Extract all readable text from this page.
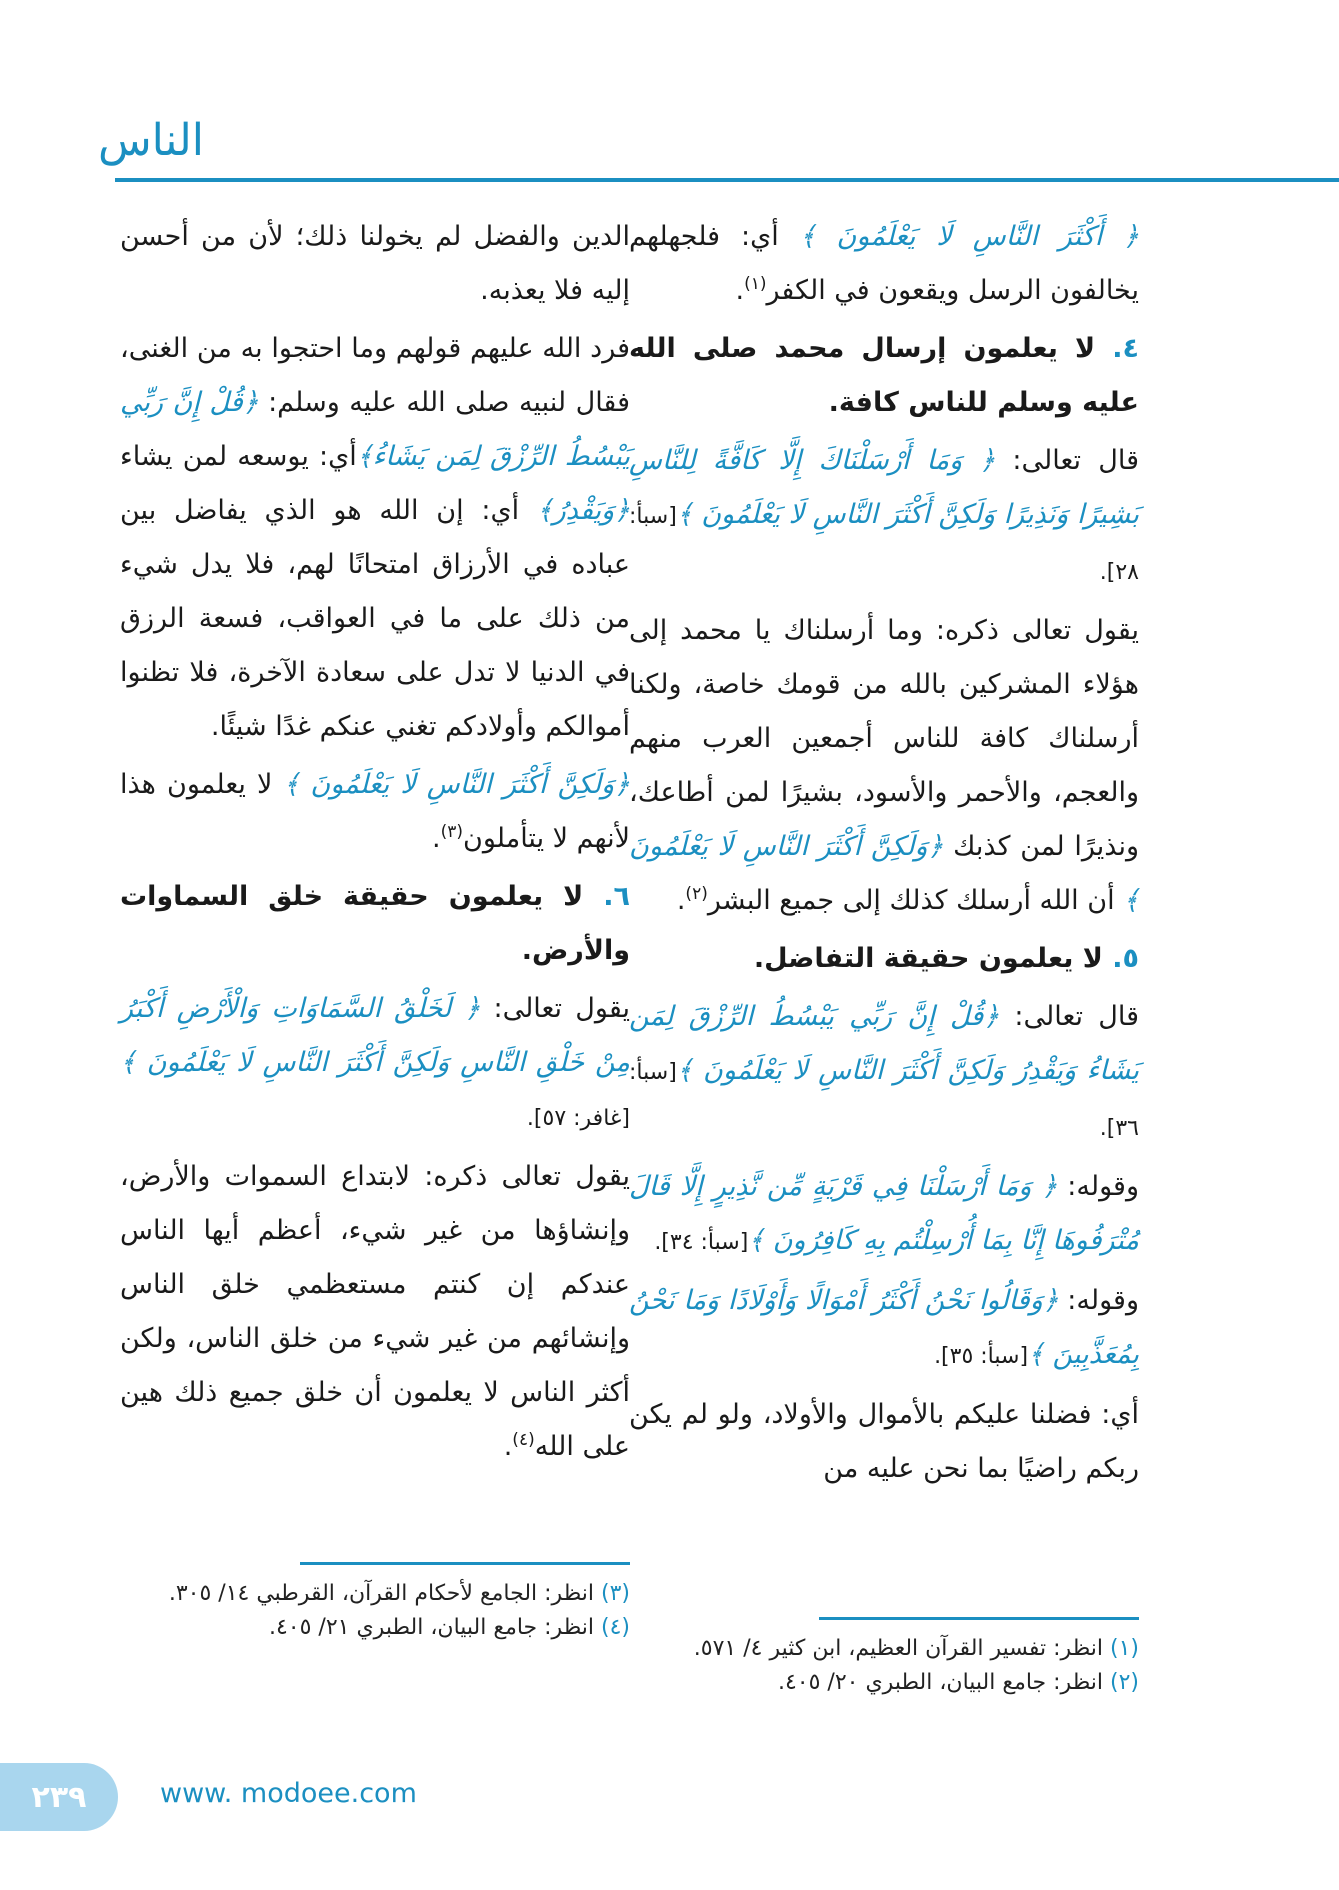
الناس

﴿ أَكْثَرَ النَّاسِ لَا يَعْلَمُونَ ﴾ أي: فلجهلهم يخالفون الرسل ويقعون في الكفر$^{(١)}$.

٤. لا يعلمون إرسال محمد صلى الله عليه وسلم للناس كافة.

قال تعالى: ﴿ وَمَا أَرْسَلْنَاكَ إِلَّا كَافَّةً لِلنَّاسِ بَشِيرًا وَنَذِيرًا وَلَكِنَّ أَكْثَرَ النَّاسِ لَا يَعْلَمُونَ ﴾[سبأ: ٢٨].

يقول تعالى ذكره: وما أرسلناك يا محمد إلى هؤلاء المشركين بالله من قومك خاصة، ولكنا أرسلناك كافة للناس أجمعين العرب منهم والعجم، والأحمر والأسود، بشيرًا لمن أطاعك، ونذيرًا لمن كذبك ﴿وَلَكِنَّ أَكْثَرَ النَّاسِ لَا يَعْلَمُونَ ﴾ أن الله أرسلك كذلك إلى جميع البشر$^{(٢)}$.

٥. لا يعلمون حقيقة التفاضل.

قال تعالى: ﴿قُلْ إِنَّ رَبِّي يَبْسُطُ الرِّزْقَ لِمَن يَشَاءُ وَيَقْدِرُ وَلَكِنَّ أَكْثَرَ النَّاسِ لَا يَعْلَمُونَ ﴾[سبأ: ٣٦].

وقوله: ﴿ وَمَا أَرْسَلْنَا فِي قَرْيَةٍ مِّن نَّذِيرٍ إِلَّا قَالَ مُتْرَفُوهَا إِنَّا بِمَا أُرْسِلْتُم بِهِ كَافِرُونَ ﴾[سبأ: ٣٤].

وقوله: ﴿وَقَالُوا نَحْنُ أَكْثَرُ أَمْوَالًا وَأَوْلَادًا وَمَا نَحْنُ بِمُعَذَّبِينَ ﴾[سبأ: ٣٥].

أي: فضلنا عليكم بالأموال والأولاد، ولو لم يكن ربكم راضيًا بما نحن عليه من

الدين والفضل لم يخولنا ذلك؛ لأن من أحسن إليه فلا يعذبه.

فرد الله عليهم قولهم وما احتجوا به من الغنى، فقال لنبيه صلى الله عليه وسلم: ﴿قُلْ إِنَّ رَبِّي يَبْسُطُ الرِّزْقَ لِمَن يَشَاءُ﴾أي: يوسعه لمن يشاء ﴿وَيَقْدِرُ﴾ أي: إن الله هو الذي يفاضل بين عباده في الأرزاق امتحانًا لهم، فلا يدل شيء من ذلك على ما في العواقب، فسعة الرزق في الدنيا لا تدل على سعادة الآخرة، فلا تظنوا أموالكم وأولادكم تغني عنكم غدًا شيئًا.

﴿وَلَكِنَّ أَكْثَرَ النَّاسِ لَا يَعْلَمُونَ ﴾ لا يعلمون هذا لأنهم لا يتأملون$^{(٣)}$.

٦. لا يعلمون حقيقة خلق السماوات والأرض.

يقول تعالى: ﴿ لَخَلْقُ السَّمَاوَاتِ وَالْأَرْضِ أَكْبَرُ مِنْ خَلْقِ النَّاسِ وَلَكِنَّ أَكْثَرَ النَّاسِ لَا يَعْلَمُونَ ﴾[غافر: ٥٧].

يقول تعالى ذكره: لابتداع السموات والأرض، وإنشاؤها من غير شيء، أعظم أيها الناس عندكم إن كنتم مستعظمي خلق الناس وإنشائهم من غير شيء من خلق الناس، ولكن أكثر الناس لا يعلمون أن خلق جميع ذلك هين على الله$^{(٤)}$.

(١) انظر: تفسير القرآن العظيم، ابن كثير ٤/ ٥٧١.
(٢) انظر: جامع البيان، الطبري ٢٠/ ٤٠٥.
(٣) انظر: الجامع لأحكام القرآن، القرطبي ١٤/ ٣٠٥.
(٤) انظر: جامع البيان، الطبري ٢١/ ٤٠٥.
٢٣٩	www. modoee.com
